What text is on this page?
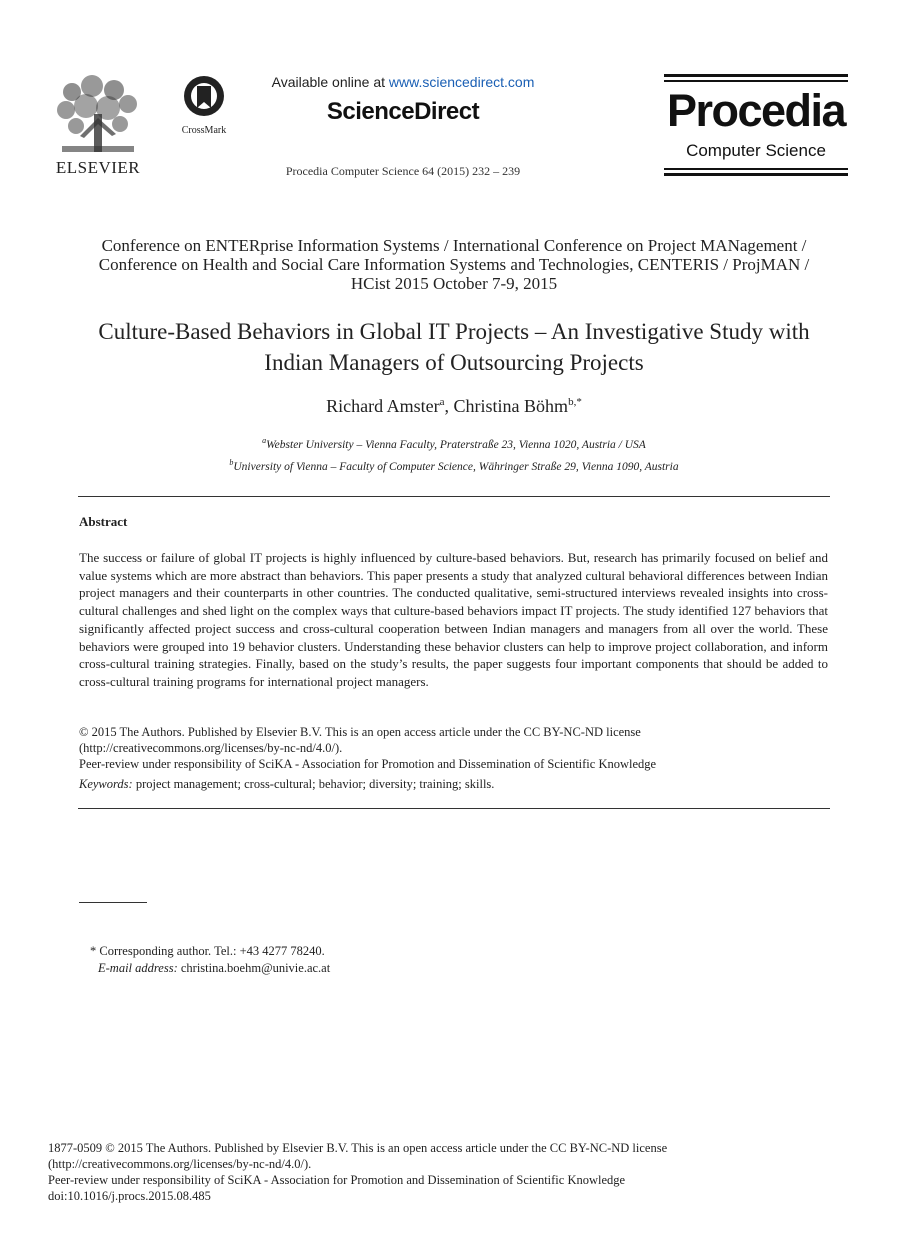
ELSEVIER
CrossMark
Available online at www.sciencedirect.com
ScienceDirect
Procedia Computer Science 64 (2015) 232 – 239
Procedia
Computer Science
Conference on ENTERprise Information Systems / International Conference on Project MANagement / Conference on Health and Social Care Information Systems and Technologies, CENTERIS / ProjMAN / HCist 2015 October 7-9, 2015
Culture-Based Behaviors in Global IT Projects – An Investigative Study with Indian Managers of Outsourcing Projects
Richard Amster$^a$, Christina Böhm$^{b,*}$
$^a$Webster University – Vienna Faculty, Praterstraße 23, Vienna 1020, Austria / USA
$^b$University of Vienna – Faculty of Computer Science, Währinger Straße 29, Vienna 1090, Austria
Abstract
The success or failure of global IT projects is highly influenced by culture-based behaviors. But, research has primarily focused on belief and value systems which are more abstract than behaviors. This paper presents a study that analyzed cultural behavioral differences between Indian project managers and their counterparts in other countries. The conducted qualitative, semi-structured interviews revealed insights into cross-cultural challenges and shed light on the complex ways that culture-based behaviors impact IT projects. The study identified 127 behaviors that significantly affected project success and cross-cultural cooperation between Indian managers and managers from all over the world. These behaviors were grouped into 19 behavior clusters. Understanding these behavior clusters can help to improve project collaboration, and inform cross-cultural training strategies. Finally, based on the study’s results, the paper suggests four important components that should be added to cross-cultural training programs for international project managers.
© 2015 The Authors. Published by Elsevier B.V. This is an open access article under the CC BY-NC-ND license
(http://creativecommons.org/licenses/by-nc-nd/4.0/).
Peer-review under responsibility of SciKA - Association for Promotion and Dissemination of Scientific Knowledge
Keywords: project management; cross-cultural; behavior; diversity; training; skills.
* Corresponding author. Tel.: +43 4277 78240.
E-mail address: christina.boehm@univie.ac.at
1877-0509 © 2015 The Authors. Published by Elsevier B.V. This is an open access article under the CC BY-NC-ND license
(http://creativecommons.org/licenses/by-nc-nd/4.0/).
Peer-review under responsibility of SciKA - Association for Promotion and Dissemination of Scientific Knowledge
doi:10.1016/j.procs.2015.08.485
